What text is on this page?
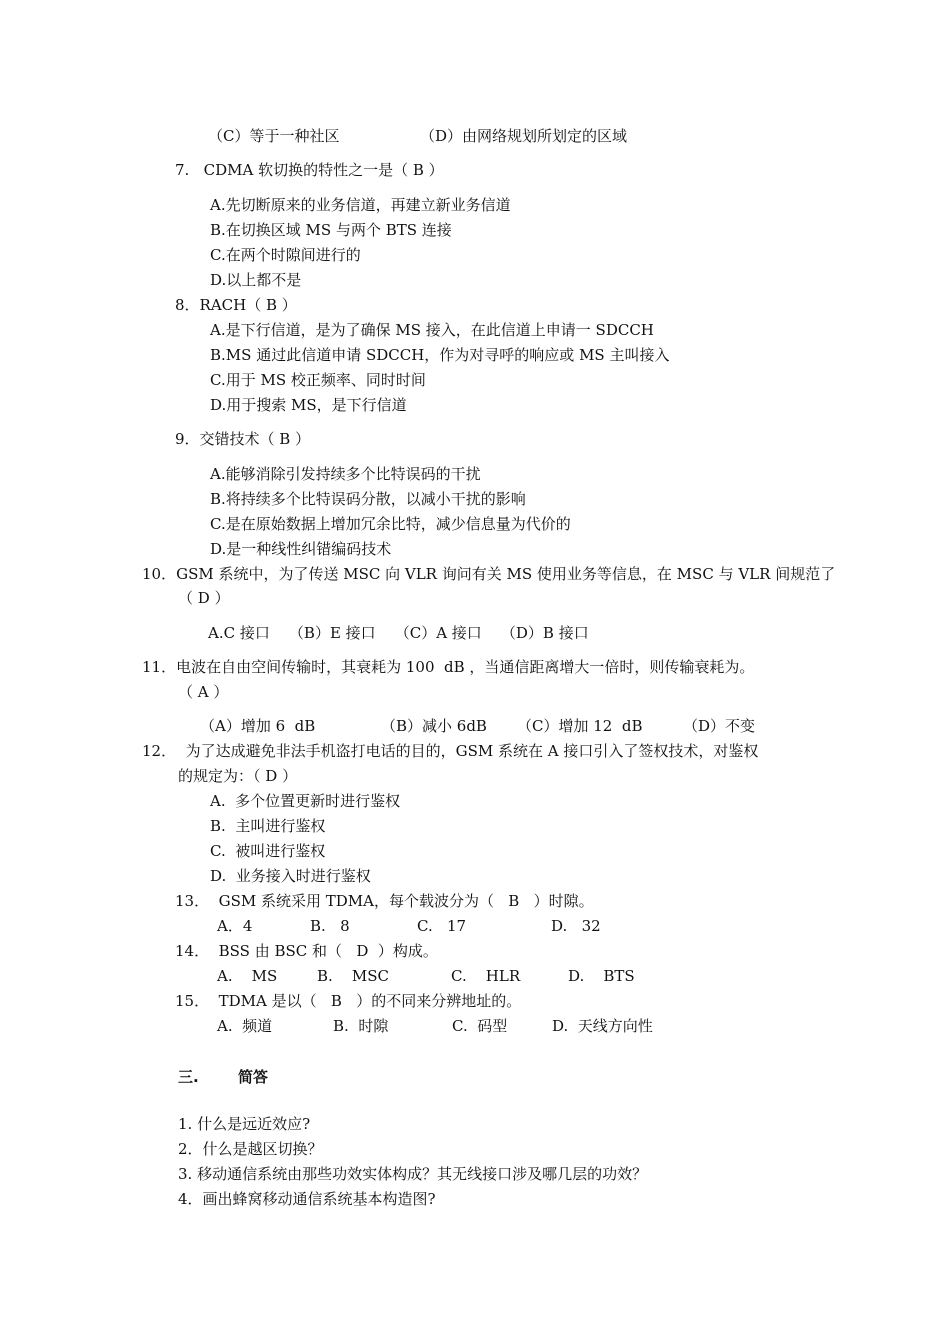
（C）等于一种社区	（D）由网络规划所划定的区域
7.   CDMA 软切换的特性之一是（ B ）
A.先切断原来的业务信道，再建立新业务信道
B.在切换区域 MS 与两个 BTS 连接
C.在两个时隙间进行的
D.以上都不是
8．RACH（ B ）
A.是下行信道，是为了确保 MS 接入，在此信道上申请一 SDCCH
B.MS 通过此信道申请 SDCCH，作为对寻呼的响应或 MS 主叫接入
C.用于 MS 校正频率、同时时间
D.用于搜索 MS，是下行信道
9．交错技术（ B ）
A.能够消除引发持续多个比特误码的干扰
B.将持续多个比特误码分散，以减小干扰的影响
C.是在原始数据上增加冗余比特，减少信息量为代价的
D.是一种线性纠错编码技术
10．GSM 系统中，为了传送 MSC 向 VLR 询问有关 MS 使用业务等信息，在 MSC 与 VLR 间规范了
（ D ）
A.C 接口    （B）E 接口    （C）A 接口    （D）B 接口
11．电波在自由空间传输时，其衰耗为 100  dB ，当通信距离增大一倍时，则传输衰耗为。
（ A ）
（A）增加 6  dB	（B）减小 6dB （C）增加 12  dB	（D）不变
12．  为了达成避免非法手机盗打电话的目的，GSM 系统在 A 接口引入了签权技术，对鉴权
的规定为：（ D ）
A.  多个位置更新时进行鉴权
B.  主叫进行鉴权
C.  被叫进行鉴权
D.  业务接入时进行鉴权
13．  GSM 系统采用 TDMA，每个载波分为（   B   ）时隙。
A．4	B.   8	C.   17	D.   32
14．  BSS 由 BSC 和（   D  ）构成。
A.    MS	B.    MSC	C.    HLR	D.    BTS
15．  TDMA 是以（   B   ）的不同来分辨地址的。
A.  频道	B.  时隙	C.  码型	D.  天线方向性
三.	简答
1. 什么是远近效应?
2．什么是越区切换？
3. 移动通信系统由那些功效实体构成？其无线接口涉及哪几层的功效？
4．画出蜂窝移动通信系统基本构造图?
